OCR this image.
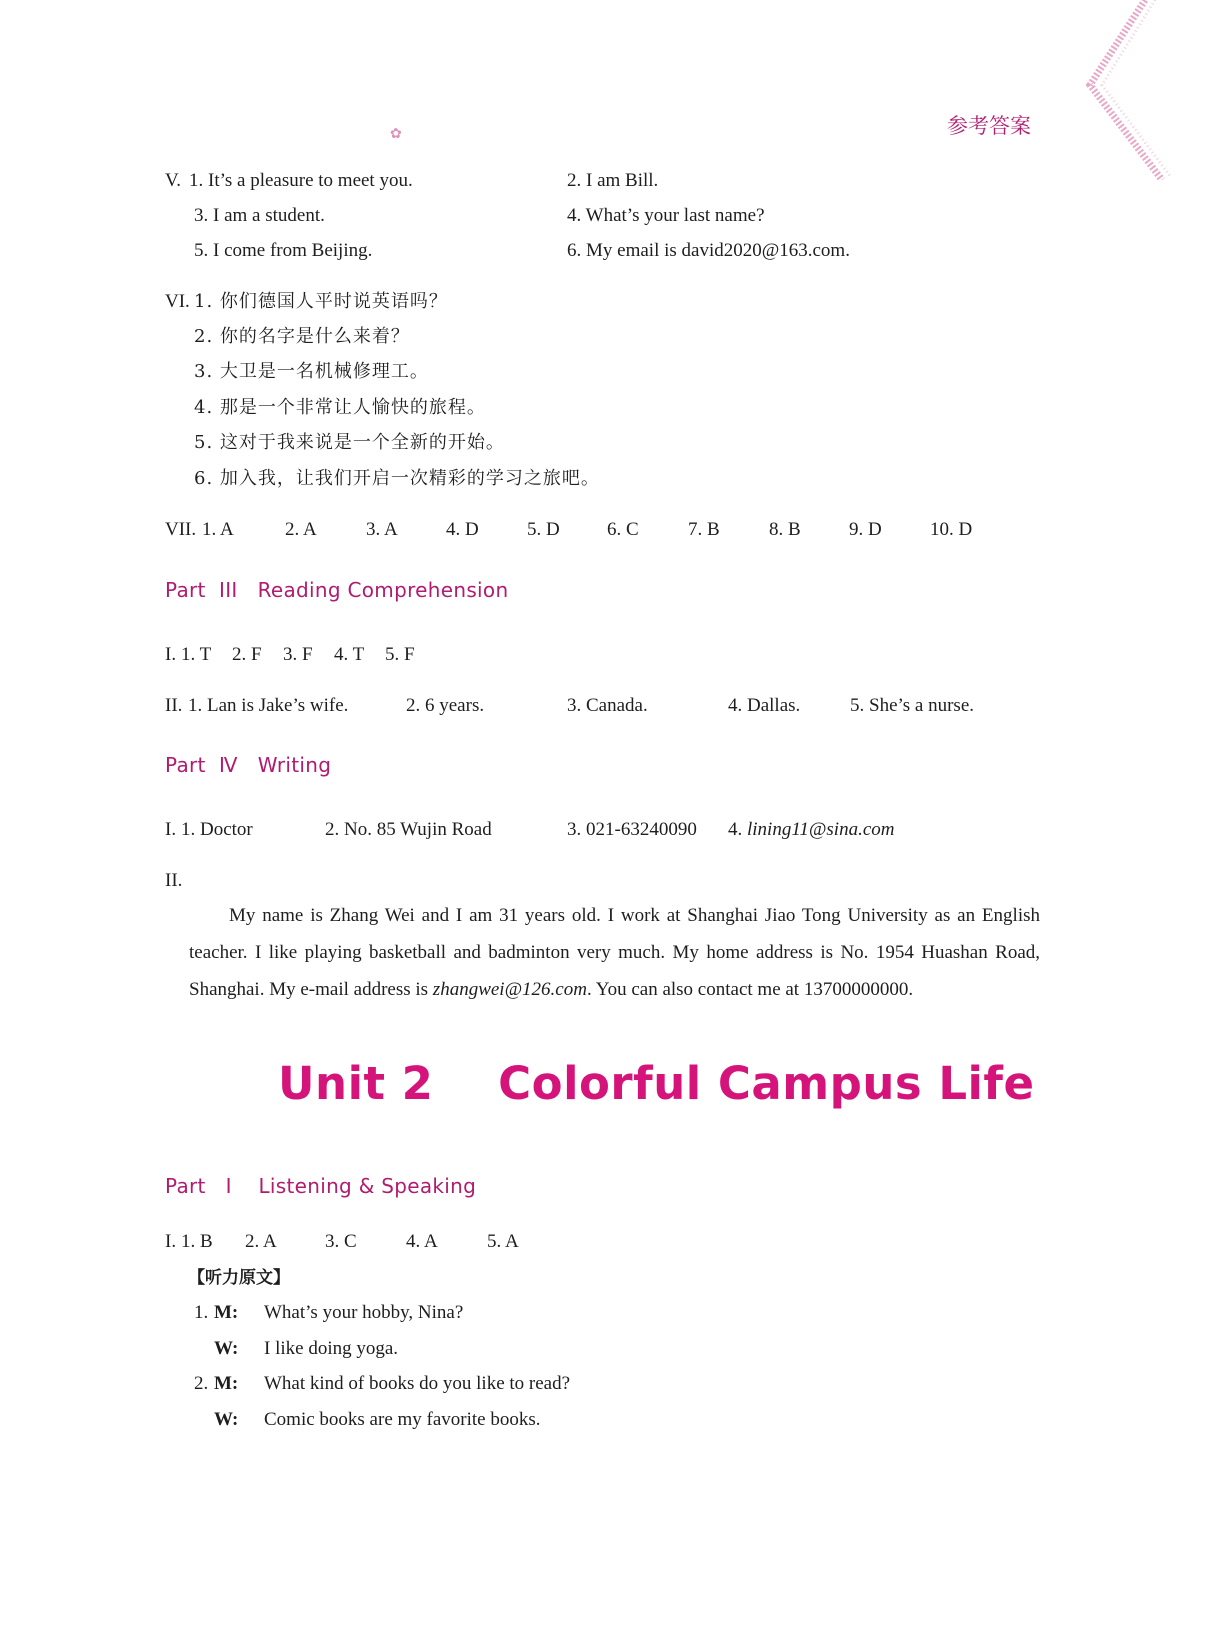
✿	参考答案
V. 1. It’s a pleasure to meet you.	2. I am Bill.
3. I am a student.	4. What’s your last name?
5. I come from Beijing.	6. My email is david2020@163.com.
VI. 1. 你们德国人平时说英语吗？
2. 你的名字是什么来着？
3. 大卫是一名机械修理工。
4. 那是一个非常让人愉快的旅程。
5. 这对于我来说是一个全新的开始。
6. 加入我，让我们开启一次精彩的学习之旅吧。
VII. 1. A	2. A	3. A	4. D	5. D 6. C	7. B	8. B	9. D	10. D
Part  III   Reading Comprehension
I. 1. T 2. F 3. F 4. T 5. F
II. 1. Lan is Jake’s wife.	2. 6 years.	3. Canada.	4. Dallas.	5. She’s a nurse.
Part  Ⅳ   Writing
I. 1. Doctor	2. No. 85 Wujin Road	3. 021-63240090 4. lining11@sina.com
II.
My name is Zhang Wei and I am 31 years old. I work at Shanghai Jiao Tong University as an English teacher. I like playing basketball and badminton very much. My home address is No. 1954 Huashan Road, Shanghai. My e-mail address is zhangwei@126.com. You can also contact me at 13700000000.
Unit 2    Colorful Campus Life
Part   I    Listening & Speaking
I. 1. B 2. A	3. C	4. A	5. A
【听力原文】
1. M: What’s your hobby, Nina?
W: I like doing yoga.
2. M: What kind of books do you like to read?
W: Comic books are my favorite books.
